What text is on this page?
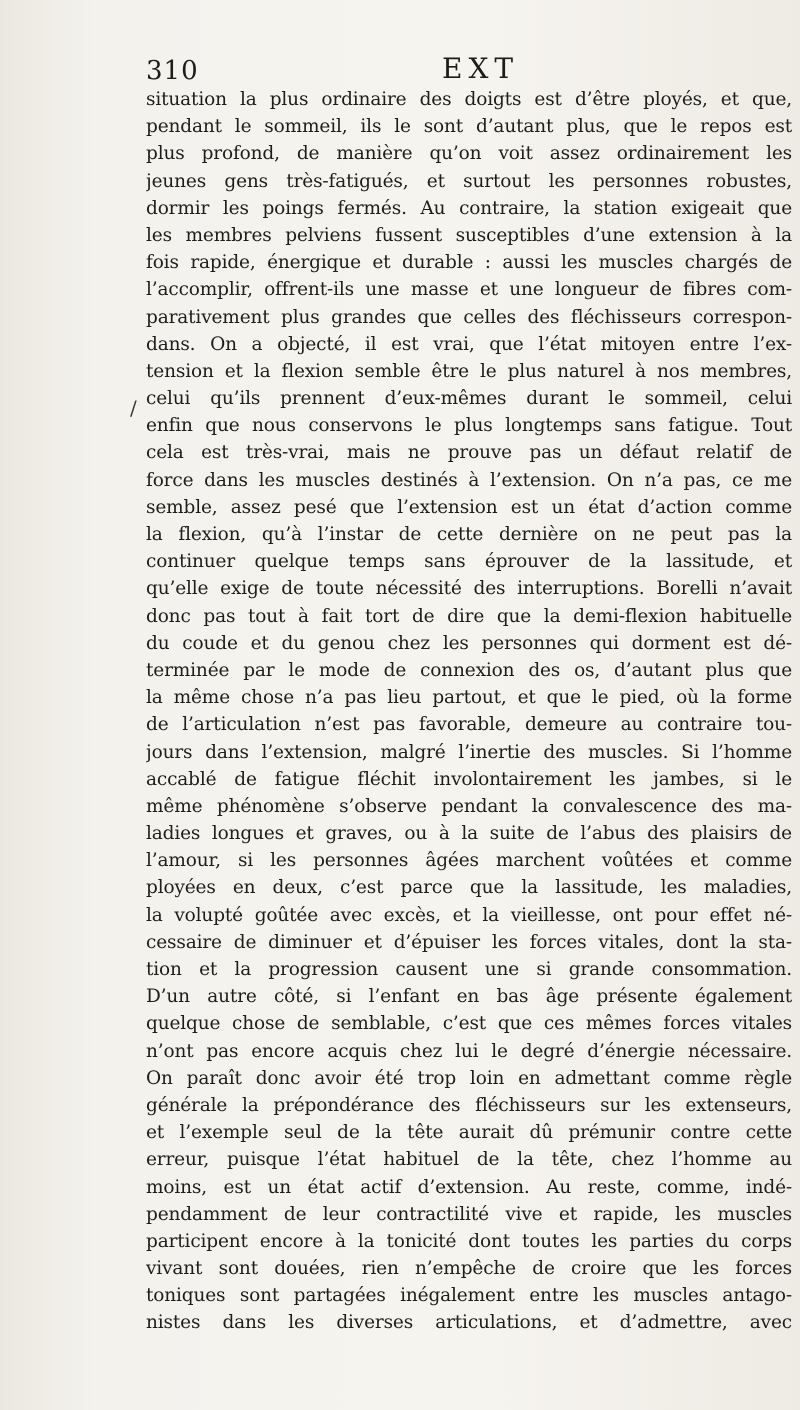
310	EXT
/
situation la plus ordinaire des doigts est d’être ployés, et que,
pendant le sommeil, ils le sont d’autant plus, que le repos est
plus profond, de manière qu’on voit assez ordinairement les
jeunes gens très-fatigués, et surtout les personnes robustes,
dormir les poings fermés. Au contraire, la station exigeait que
les membres pelviens fussent susceptibles d’une extension à la
fois rapide, énergique et durable : aussi les muscles chargés de
l’accomplir, offrent-ils une masse et une longueur de fibres com-
parativement plus grandes que celles des fléchisseurs correspon-
dans. On a objecté, il est vrai, que l’état mitoyen entre l’ex-
tension et la flexion semble être le plus naturel à nos membres,
celui qu’ils prennent d’eux-mêmes durant le sommeil, celui
enfin que nous conservons le plus longtemps sans fatigue. Tout
cela est très-vrai, mais ne prouve pas un défaut relatif de
force dans les muscles destinés à l’extension. On n’a pas, ce me
semble, assez pesé que l’extension est un état d’action comme
la flexion, qu’à l’instar de cette dernière on ne peut pas la
continuer quelque temps sans éprouver de la lassitude, et
qu’elle exige de toute nécessité des interruptions. Borelli n’avait
donc pas tout à fait tort de dire que la demi-flexion habituelle
du coude et du genou chez les personnes qui dorment est dé-
terminée par le mode de connexion des os, d’autant plus que
la même chose n’a pas lieu partout, et que le pied, où la forme
de l’articulation n’est pas favorable, demeure au contraire tou-
jours dans l’extension, malgré l’inertie des muscles. Si l’homme
accablé de fatigue fléchit involontairement les jambes, si le
même phénomène s’observe pendant la convalescence des ma-
ladies longues et graves, ou à la suite de l’abus des plaisirs de
l’amour, si les personnes âgées marchent voûtées et comme
ployées en deux, c’est parce que la lassitude, les maladies,
la volupté goûtée avec excès, et la vieillesse, ont pour effet né-
cessaire de diminuer et d’épuiser les forces vitales, dont la sta-
tion et la progression causent une si grande consommation.
D’un autre côté, si l’enfant en bas âge présente également
quelque chose de semblable, c’est que ces mêmes forces vitales
n’ont pas encore acquis chez lui le degré d’énergie nécessaire.
On paraît donc avoir été trop loin en admettant comme règle
générale la prépondérance des fléchisseurs sur les extenseurs,
et l’exemple seul de la tête aurait dû prémunir contre cette
erreur, puisque l’état habituel de la tête, chez l’homme au
moins, est un état actif d’extension. Au reste, comme, indé-
pendamment de leur contractilité vive et rapide, les muscles
participent encore à la tonicité dont toutes les parties du corps
vivant sont douées, rien n’empêche de croire que les forces
toniques sont partagées inégalement entre les muscles antago-
nistes dans les diverses articulations, et d’admettre, avec
